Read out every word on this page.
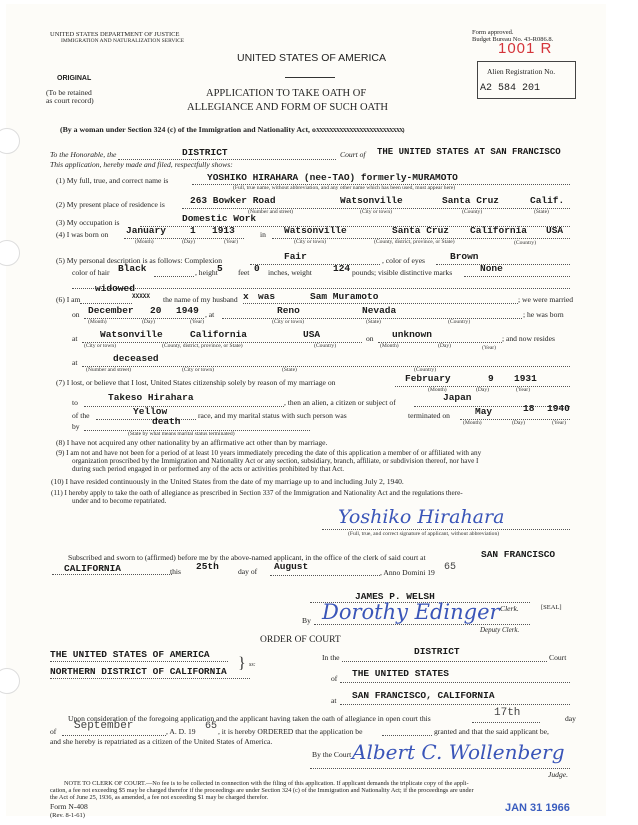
UNITED STATES DEPARTMENT OF JUSTICE
IMMIGRATION AND NATURALIZATION SERVICE
Form approved.
Budget Bureau No. 43-R086.8.
1001 R
Alien Registration No.
A2 584 201
UNITED STATES OF AMERICA
ORIGINAL
(To be retained
as court record)
APPLICATION TO TAKE OATH OF
ALLEGIANCE AND FORM OF SUCH OATH
(By a woman under Section 324 (c) of the Immigration and Nationality Act, oXXXXXXXXXXXXXXXXXXXXXXXXXX)
To the Honorable, the	DISTRICT	Court of THE UNITED STATES AT SAN FRANCISCO
This application, hereby made and filed, respectfully shows:
(1) My full, true, and correct name is	YOSHIKO HIRAHARA (nee-TAO) formerly-MURAMOTO
(Full, true name, without abbreviation, and any other name which has been used, must appear here)
(2) My present place of residence is	263 Bowker Road	Watsonville	Santa Cruz	Calif.
(Number and street)	(City or town)	(County)	(State)
(3) My occupation is	Domestic Work
(4) I was born on January	1 1913	in Watsonville	Santa Cruz California USA
(Month)	(Day)	(Year)	(City or town)	(County, district, province, or State)	(Country)
(5) My personal description is as follows: Complexion	Fair	, color of eyes	Brown
color of hair Black	, height 5 feet 0 inches, weight 124 pounds; visible distinctive marks	None
widowed
(6) I am	XXXXX the name of my husband x was	Sam Muramoto	; we were married
on December 20 1949 , at	Reno	Nevada	; he was born
(Month)	(Day)	(Year)	(City or town)	(State)	(Country)
at Watsonville	California	USA	on unknown	; and now resides
(City or town)	(County, district, province, or State)	(Country)	(Month)	(Day)	(Year)
at	deceased
(Number and street)	(City or town)	(State)	(Country)
(7) I lost, or believe that I lost, United States citizenship solely by reason of my marriage on	February	9 1931
(Month)	(Day)	(Year)
to	Takeso Hirahara	, then an alien, a citizen or subject of	Japan
of the	Yellow	race, and my marital status with such person was	terminated on	May	18 1940
(Month)	(Day)	(Year)
by	death
(State by what means marital status terminated)
(8) I have not acquired any other nationality by an affirmative act other than by marriage.
(9) I am not and have not been for a period of at least 10 years immediately preceding the date of this application a member of or affiliated with any
organization proscribed by the Immigration and Nationality Act or any section, subsidiary, branch, affiliate, or subdivision thereof, nor have I
during such period engaged in or performed any of the acts or activities prohibited by that Act.
(10) I have resided continuously in the United States from the date of my marriage up to and including July 2, 1940.
(11) I hereby apply to take the oath of allegiance as prescribed in Section 337 of the Immigration and Nationality Act and the regulations there-
under and to become repatriated.
Yoshiko Hirahara
(Full, true, and correct signature of applicant, without abbreviation)
Subscribed and sworn to (affirmed) before me by the above-named applicant, in the office of the clerk of said court at	SAN FRANCISCO
CALIFORNIA	this 25th	day of August
, Anno Domini 19 65
JAMES P. WELSH
Clerk.
By Dorothy Edinger
Deputy Clerk.
[SEAL]
ORDER OF COURT
THE UNITED STATES OF AMERICA
NORTHERN DISTRICT OF CALIFORNIA } ss:
In the
DISTRICT
Court
of THE UNITED STATES
at SAN FRANCISCO, CALIFORNIA
Upon consideration of the foregoing application and the applicant having taken the oath of allegiance in open court this	17th	day
of September	, A. D. 19 65 , it is hereby ORDERED that the application be	granted and that the said applicant be,
and she hereby is repatriated as a citizen of the United States of America.
By the Court Albert C. Wollenberg
Judge.
NOTE TO CLERK OF COURT.—No fee is to be collected in connection with the filing of this application. If applicant demands the triplicate copy of the appli-
cation, a fee not exceeding $5 may be charged therefor if the proceedings are under Section 324 (c) of the Immigration and Nationality Act; if the proceedings are under
the Act of June 25, 1936, as amended, a fee not exceeding $1 may be charged therefor.
Form N-408
(Rev. 8-1-61)
JAN 31 1966
